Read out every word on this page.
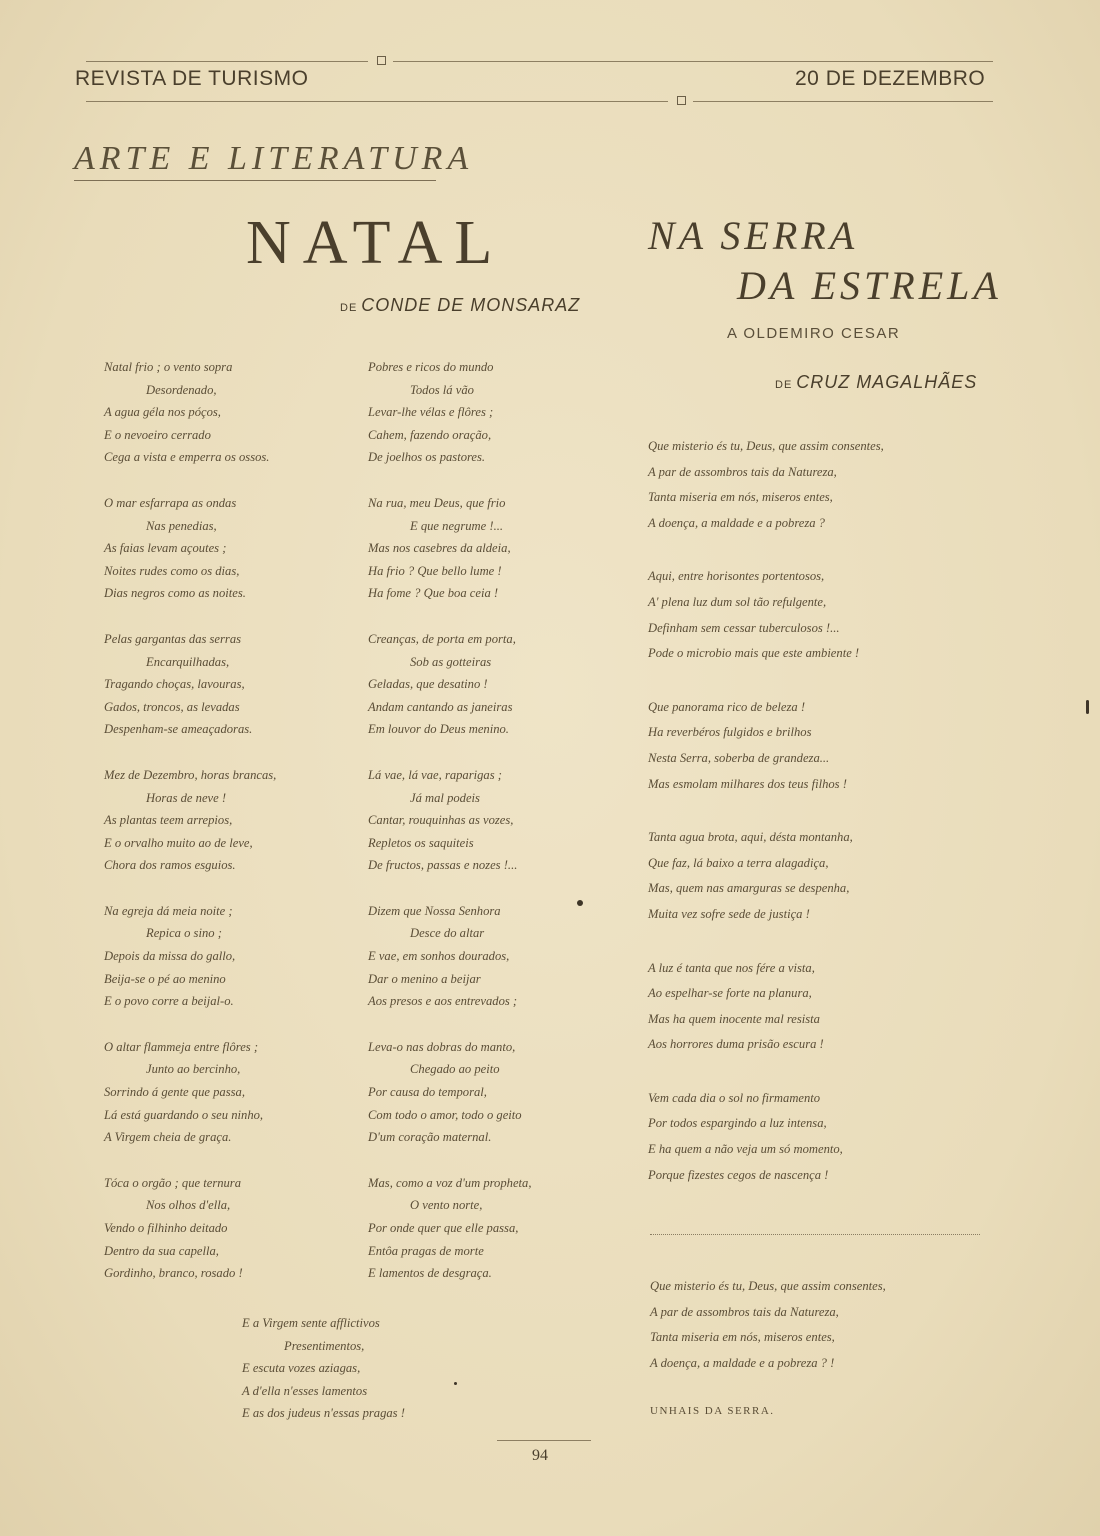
REVISTA DE TURISMO	20 DE DEZEMBRO
ARTE E LITERATURA
NATAL
DE CONDE DE MONSARAZ
NA SERRA
DA ESTRELA
A OLDEMIRO CESAR
DE CRUZ MAGALHÃES
Natal frio ; o vento sopra
Desordenado,
A agua géla nos póços,
E o nevoeiro cerrado
Cega a vista e emperra os ossos.
O mar esfarrapa as ondas
Nas penedias,
As faias levam açoutes ;
Noites rudes como os dias,
Dias negros como as noites.
Pelas gargantas das serras
Encarquilhadas,
Tragando choças, lavouras,
Gados, troncos, as levadas
Despenham-se ameaçadoras.
Mez de Dezembro, horas brancas,
Horas de neve !
As plantas teem arrepios,
E o orvalho muito ao de leve,
Chora dos ramos esguios.
Na egreja dá meia noite ;
Repica o sino ;
Depois da missa do gallo,
Beija-se o pé ao menino
E o povo corre a beijal-o.
O altar flammeja entre flôres ;
Junto ao bercinho,
Sorrindo á gente que passa,
Lá está guardando o seu ninho,
A Virgem cheia de graça.
Tóca o orgão ; que ternura
Nos olhos d'ella,
Vendo o filhinho deitado
Dentro da sua capella,
Gordinho, branco, rosado !
Pobres e ricos do mundo
Todos lá vão
Levar-lhe vélas e flôres ;
Cahem, fazendo oração,
De joelhos os pastores.
Na rua, meu Deus, que frio
E que negrume !...
Mas nos casebres da aldeia,
Ha frio ? Que bello lume !
Ha fome ? Que boa ceia !
Creanças, de porta em porta,
Sob as gotteiras
Geladas, que desatino !
Andam cantando as janeiras
Em louvor do Deus menino.
Lá vae, lá vae, raparigas ;
Já mal podeis
Cantar, rouquinhas as vozes,
Repletos os saquiteis
De fructos, passas e nozes !...
Dizem que Nossa Senhora
Desce do altar
E vae, em sonhos dourados,
Dar o menino a beijar
Aos presos e aos entrevados ;
Leva-o nas dobras do manto,
Chegado ao peito
Por causa do temporal,
Com todo o amor, todo o geito
D'um coração maternal.
Mas, como a voz d'um propheta,
O vento norte,
Por onde quer que elle passa,
Entôa pragas de morte
E lamentos de desgraça.
E a Virgem sente afflictivos
Presentimentos,
E escuta vozes aziagas,
A d'ella n'esses lamentos
E as dos judeus n'essas pragas !
Que misterio és tu, Deus, que assim consentes,
A par de assombros tais da Natureza,
Tanta miseria em nós, miseros entes,
A doença, a maldade e a pobreza ?
Aqui, entre horisontes portentosos,
A' plena luz dum sol tão refulgente,
Definham sem cessar tuberculosos !...
Pode o microbio mais que este ambiente !
Que panorama rico de beleza !
Ha reverbéros fulgidos e brilhos
Nesta Serra, soberba de grandeza...
Mas esmolam milhares dos teus filhos !
Tanta agua brota, aqui, désta montanha,
Que faz, lá baixo a terra alagadiça,
Mas, quem nas amarguras se despenha,
Muita vez sofre sede de justiça !
A luz é tanta que nos fére a vista,
Ao espelhar-se forte na planura,
Mas ha quem inocente mal resista
Aos horrores duma prisão escura !
Vem cada dia o sol no firmamento
Por todos espargindo a luz intensa,
E ha quem a não veja um só momento,
Porque fizestes cegos de nascença !
Que misterio és tu, Deus, que assim consentes,
A par de assombros tais da Natureza,
Tanta miseria em nós, miseros entes,
A doença, a maldade e a pobreza ? !
UNHAIS DA SERRA.
94
